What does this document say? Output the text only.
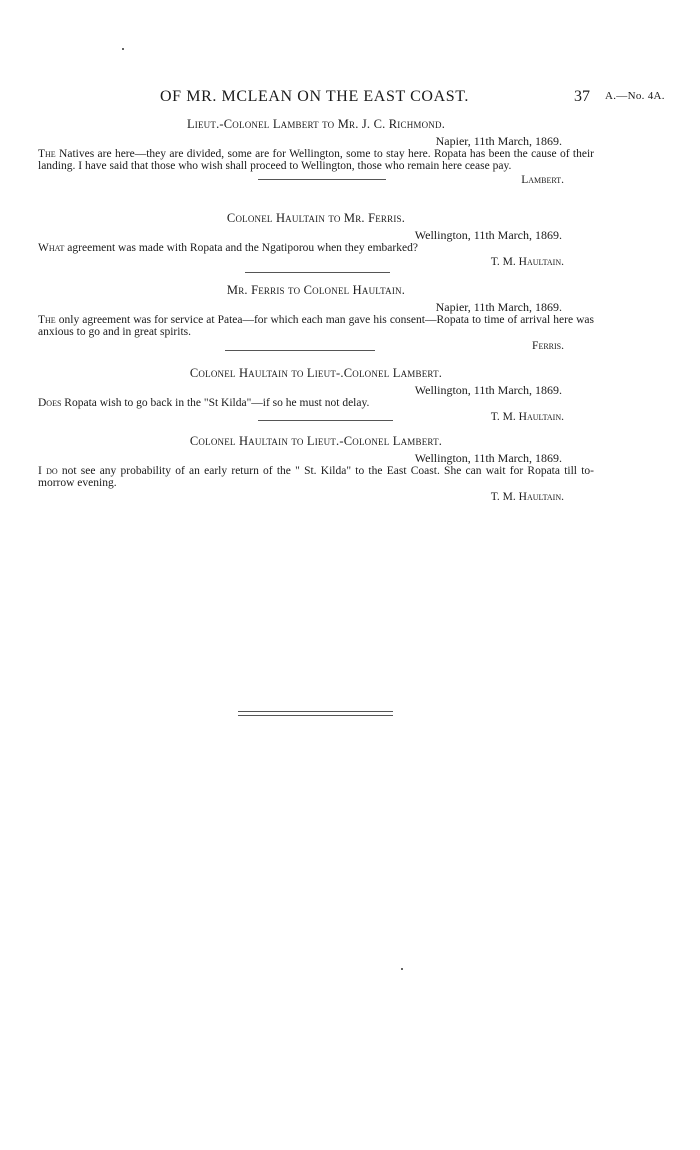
OF MR. MCLEAN ON THE EAST COAST.	37 A.—No. 4A.
Lieut.-Colonel Lambert to Mr. J. C. Richmond.
Napier, 11th March, 1869.
The Natives are here—they are divided, some are for Wellington, some to stay here. Ropata has been the cause of their landing. I have said that those who wish shall proceed to Wellington, those who remain here cease pay.
Lambert.
Colonel Haultain to Mr. Ferris.
Wellington, 11th March, 1869.
What agreement was made with Ropata and the Ngatiporou when they embarked?
T. M. Haultain.
Mr. Ferris to Colonel Haultain.
Napier, 11th March, 1869.
The only agreement was for service at Patea—for which each man gave his consent—Ropata to time of arrival here was anxious to go and in great spirits.
Ferris.
Colonel Haultain to Lieut-.Colonel Lambert.
Wellington, 11th March, 1869.
Does Ropata wish to go back in the "St Kilda"—if so he must not delay.
T. M. Haultain.
Colonel Haultain to Lieut.-Colonel Lambert.
Wellington, 11th March, 1869.
I do not see any probability of an early return of the " St. Kilda" to the East Coast. She can wait for Ropata till to-morrow evening.
T. M. Haultain.
